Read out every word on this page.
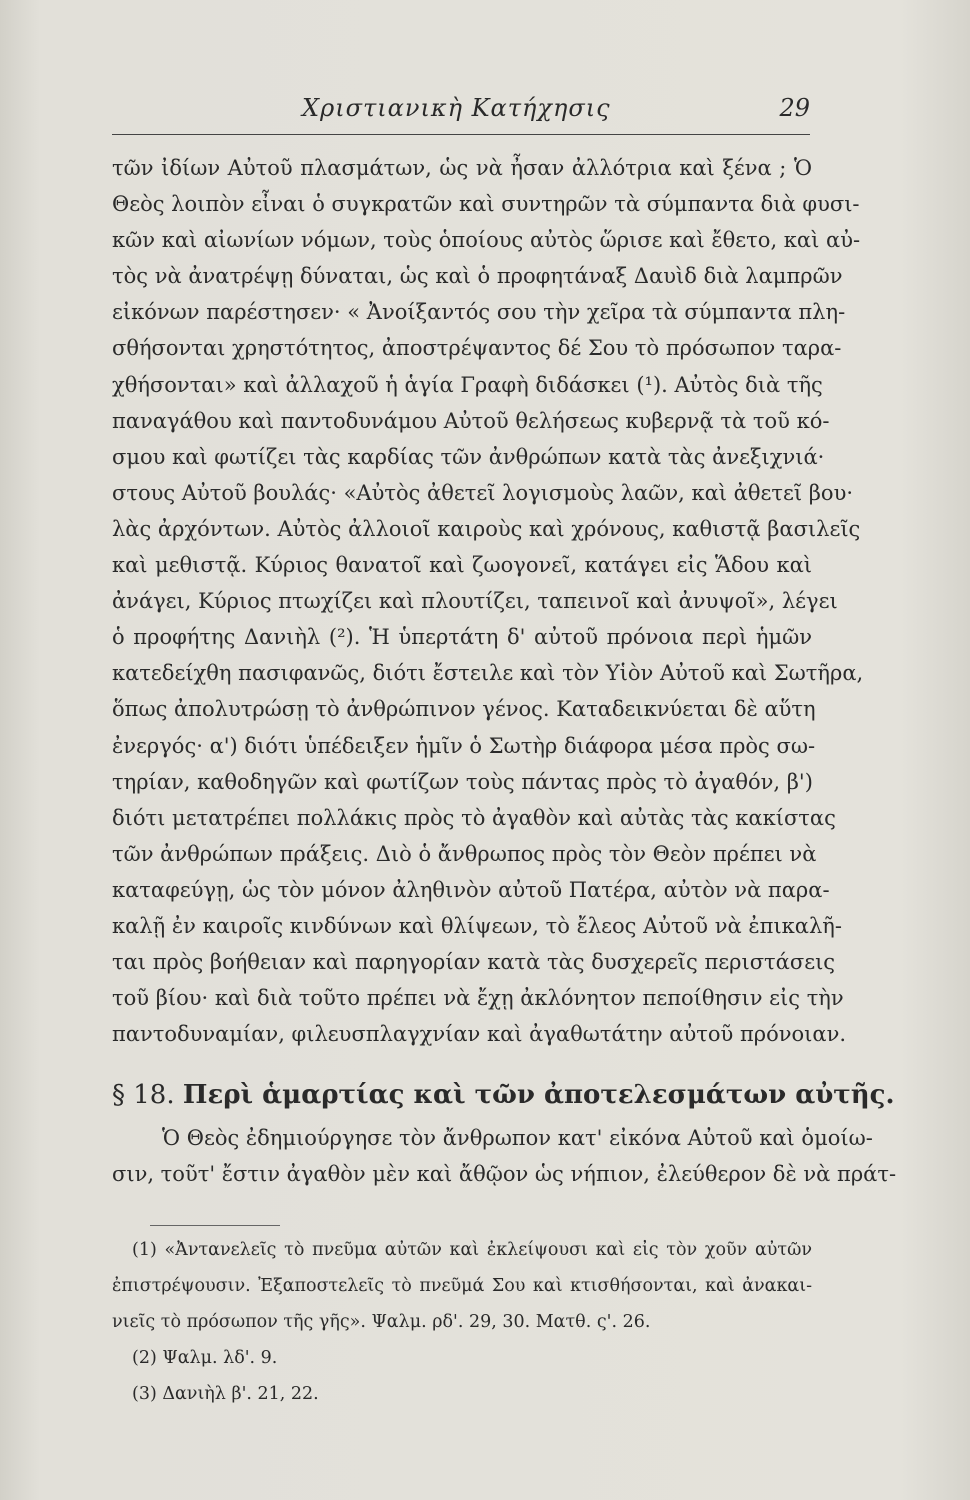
Χριστιανικὴ Κατήχησις	29
τῶν ἰδίων Αὐτοῦ πλασμάτων, ὡς νὰ ἦσαν ἀλλότρια καὶ ξένα ; Ὁ
Θεὸς λοιπὸν εἶναι ὁ συγκρατῶν καὶ συντηρῶν τὰ σύμπαντα διὰ φυσι-
κῶν καὶ αἰωνίων νόμων, τοὺς ὁποίους αὐτὸς ὥρισε καὶ ἔθετο, καὶ αὐ-
τὸς νὰ ἀνατρέψῃ δύναται, ὡς καὶ ὁ προφητάναξ Δαυὶδ διὰ λαμπρῶν
εἰκόνων παρέστησεν· « Ἀνοίξαντός σου τὴν χεῖρα τὰ σύμπαντα πλη-
σθήσονται χρηστότητος, ἀποστρέψαντος δέ Σου τὸ πρόσωπον ταρα-
χθήσονται» καὶ ἀλλαχοῦ ἡ ἁγία Γραφὴ διδάσκει (¹). Αὐτὸς διὰ τῆς
παναγάθου καὶ παντοδυνάμου Αὐτοῦ θελήσεως κυβερνᾷ τὰ τοῦ κό-
σμου καὶ φωτίζει τὰς καρδίας τῶν ἀνθρώπων κατὰ τὰς ἀνεξιχνιά·
στους Αὐτοῦ βουλάς· «Αὐτὸς ἀθετεῖ λογισμοὺς λαῶν, καὶ ἀθετεῖ βου·
λὰς ἀρχόντων. Αὐτὸς ἀλλοιοῖ καιροὺς καὶ χρόνους, καθιστᾷ βασιλεῖς
καὶ μεθιστᾷ. Κύριος θανατοῖ καὶ ζωογονεῖ, κατάγει εἰς Ἅδου καὶ
ἀνάγει, Κύριος πτωχίζει καὶ πλουτίζει, ταπεινοῖ καὶ ἀνυψοῖ», λέγει
ὁ προφήτης Δανιὴλ (²). Ἡ ὑπερτάτη δ' αὐτοῦ πρόνοια περὶ ἡμῶν
κατεδείχθη πασιφανῶς, διότι ἔστειλε καὶ τὸν Υἱὸν Αὐτοῦ καὶ Σωτῆρα,
ὅπως ἀπολυτρώσῃ τὸ ἀνθρώπινον γένος. Καταδεικνύεται δὲ αὕτη
ἐνεργός· α') διότι ὑπέδειξεν ἡμῖν ὁ Σωτὴρ διάφορα μέσα πρὸς σω-
τηρίαν, καθοδηγῶν καὶ φωτίζων τοὺς πάντας πρὸς τὸ ἀγαθόν, β')
διότι μετατρέπει πολλάκις πρὸς τὸ ἀγαθὸν καὶ αὐτὰς τὰς κακίστας
τῶν ἀνθρώπων πράξεις. Διὸ ὁ ἄνθρωπος πρὸς τὸν Θεὸν πρέπει νὰ
καταφεύγῃ, ὡς τὸν μόνον ἀληθινὸν αὐτοῦ Πατέρα, αὐτὸν νὰ παρα-
καλῇ ἐν καιροῖς κινδύνων καὶ θλίψεων, τὸ ἔλεος Αὐτοῦ νὰ ἐπικαλῆ-
ται πρὸς βοήθειαν καὶ παρηγορίαν κατὰ τὰς δυσχερεῖς περιστάσεις
τοῦ βίου· καὶ διὰ τοῦτο πρέπει νὰ ἔχῃ ἀκλόνητον πεποίθησιν εἰς τὴν
παντοδυναμίαν, φιλευσπλαγχνίαν καὶ ἀγαθωτάτην αὐτοῦ πρόνοιαν.
§ 18. Περὶ ἁμαρτίας καὶ τῶν ἀποτελεσμάτων αὐτῆς.
Ὁ Θεὸς ἐδημιούργησε τὸν ἄνθρωπον κατ' εἰκόνα Αὐτοῦ καὶ ὁμοίω-
σιν, τοῦτ' ἔστιν ἀγαθὸν μὲν καὶ ἄθῷον ὡς νήπιον, ἐλεύθερον δὲ νὰ πράτ-
(1) «Ἀντανελεῖς τὸ πνεῦμα αὐτῶν καὶ ἐκλείψουσι καὶ εἰς τὸν χοῦν αὐτῶν
ἐπιστρέψουσιν. Ἐξαποστελεῖς τὸ πνεῦμά Σου καὶ κτισθήσονται, καὶ ἀνακαι-
νιεῖς τὸ πρόσωπον τῆς γῆς». Ψαλμ. ρδ'. 29, 30. Ματθ. ς'. 26.
(2) Ψαλμ. λδ'. 9.
(3) Δανιὴλ β'. 21, 22.
